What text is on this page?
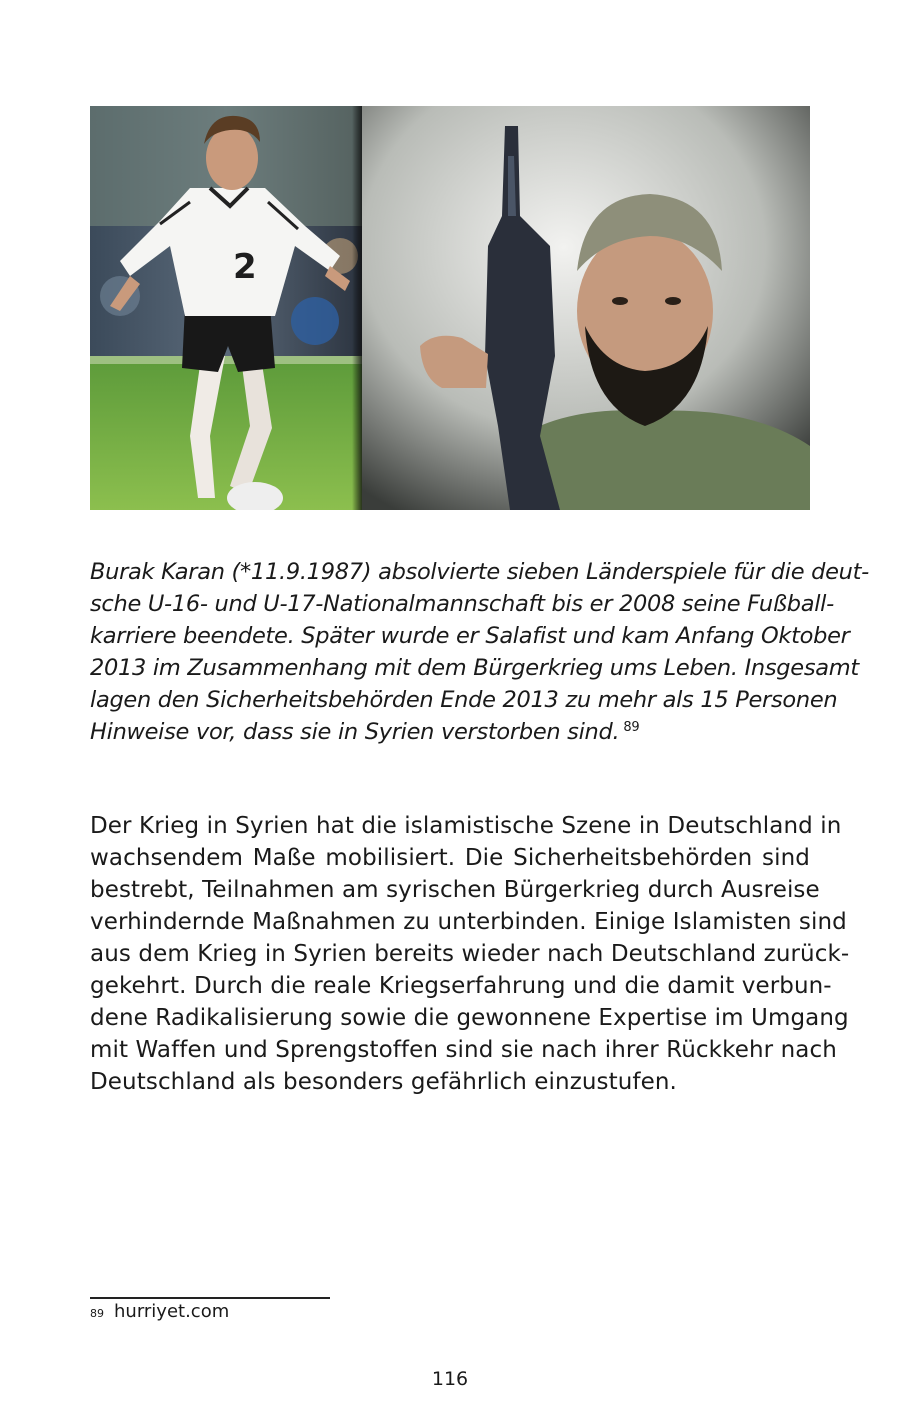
2
Burak Karan (*11.9.1987) absolvierte sieben Länderspiele für die deut-
sche U-16- und U-17-Nationalmannschaft bis er 2008 seine Fußball-
karriere beendete. Später wurde er Salafist und kam Anfang Oktober
2013 im Zusammenhang mit dem Bürgerkrieg ums Leben. Insgesamt
lagen den Sicherheitsbehörden Ende 2013 zu mehr als 15 Personen
Hinweise vor, dass sie in Syrien verstorben sind. $^{89}$
Der Krieg in Syrien hat die islamistische Szene in Deutschland in
wachsendem Maße mobilisiert. Die Sicherheitsbehörden sind
bestrebt, Teilnahmen am syrischen Bürgerkrieg durch Ausreise
verhindernde Maßnahmen zu unterbinden. Einige Islamisten sind
aus dem Krieg in Syrien bereits wieder nach Deutschland zurück-
gekehrt. Durch die reale Kriegserfahrung und die damit verbun-
dene Radikalisierung sowie die gewonnene Expertise im Umgang
mit Waffen und Sprengstoffen sind sie nach ihrer Rückkehr nach
Deutschland als besonders gefährlich einzustufen.
$^{89}$ hurriyet.com
116
